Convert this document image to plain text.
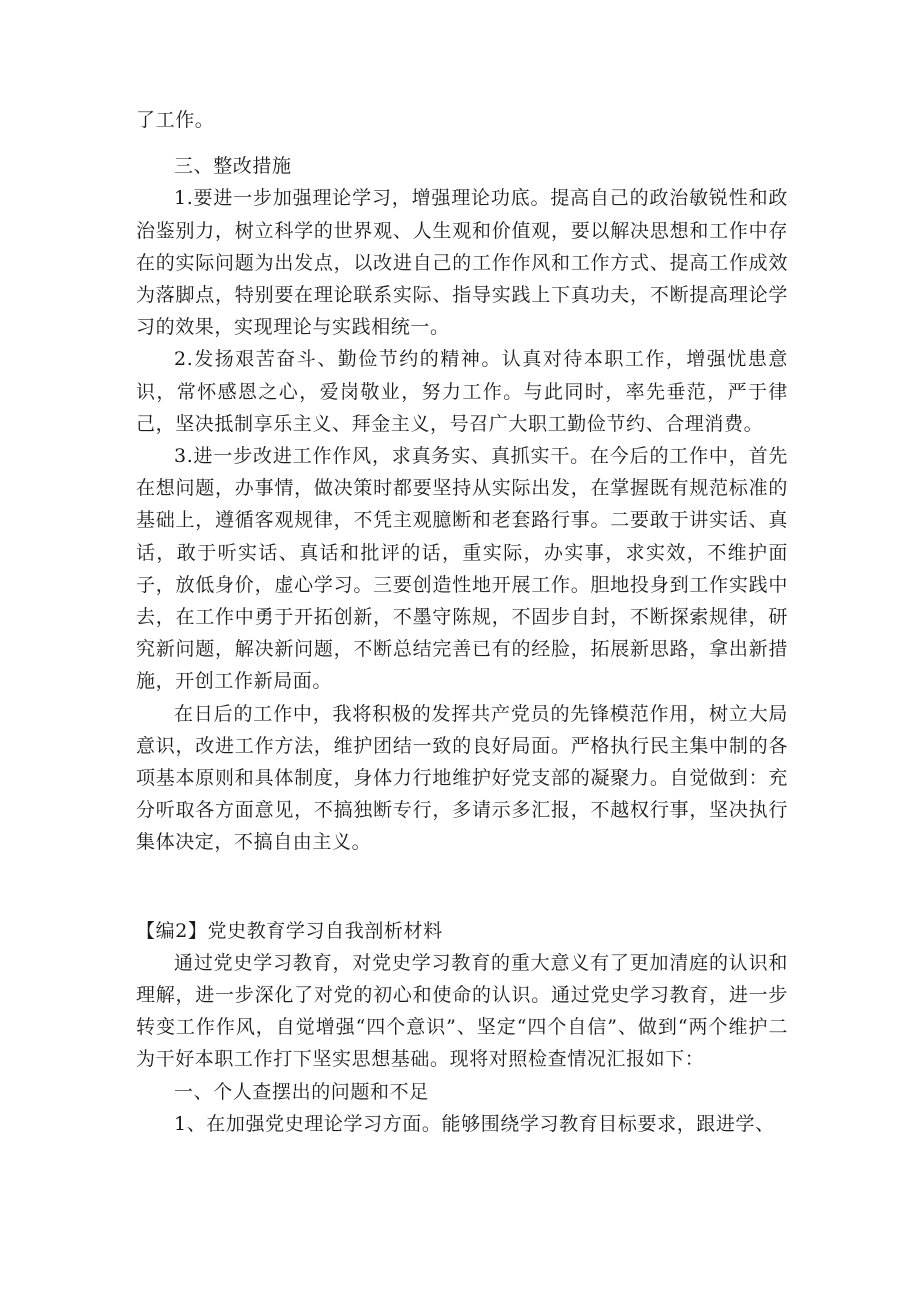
了工作。

三、整改措施

1.要进一步加强理论学习，增强理论功底。提高自己的政治敏锐性和政治鉴别力，树立科学的世界观、人生观和价值观，要以解决思想和工作中存在的实际问题为出发点，以改进自己的工作作风和工作方式、提高工作成效为落脚点，特别要在理论联系实际、指导实践上下真功夫，不断提高理论学习的效果，实现理论与实践相统一。

2.发扬艰苦奋斗、勤俭节约的精神。认真对待本职工作，增强忧患意识，常怀感恩之心，爱岗敬业，努力工作。与此同时，率先垂范，严于律己，坚决抵制享乐主义、拜金主义，号召广大职工勤俭节约、合理消费。

3.进一步改进工作作风，求真务实、真抓实干。在今后的工作中，首先在想问题，办事情，做决策时都要坚持从实际出发，在掌握既有规范标准的基础上，遵循客观规律，不凭主观臆断和老套路行事。二要敢于讲实话、真话，敢于听实话、真话和批评的话，重实际，办实事，求实效，不维护面子，放低身价，虚心学习。三要创造性地开展工作。胆地投身到工作实践中去，在工作中勇于开拓创新，不墨守陈规，不固步自封，不断探索规律，研究新问题，解决新问题，不断总结完善已有的经脸，拓展新思路，拿出新措施，开创工作新局面。

在日后的工作中，我将积极的发挥共产党员的先锋模范作用，树立大局意识，改进工作方法，维护团结一致的良好局面。严格执行民主集中制的各项基本原则和具体制度，身体力行地维护好党支部的凝聚力。自觉做到：充分听取各方面意见，不搞独断专行，多请示多汇报，不越权行事，坚决执行集体决定，不搞自由主义。

【编2】党史教育学习自我剖析材料

通过党史学习教育，对党史学习教育的重大意义有了更加清庭的认识和理解，进一步深化了对党的初心和使命的认识。通过党史学习教育，进一步转变工作作风，自觉增强“四个意识”、坚定“四个自信”、做到“两个维护二为干好本职工作打下坚实思想基础。现将对照检查情况汇报如下：

一、个人查摆出的问题和不足

1、在加强党史理论学习方面。能够围绕学习教育目标要求，跟进学、
